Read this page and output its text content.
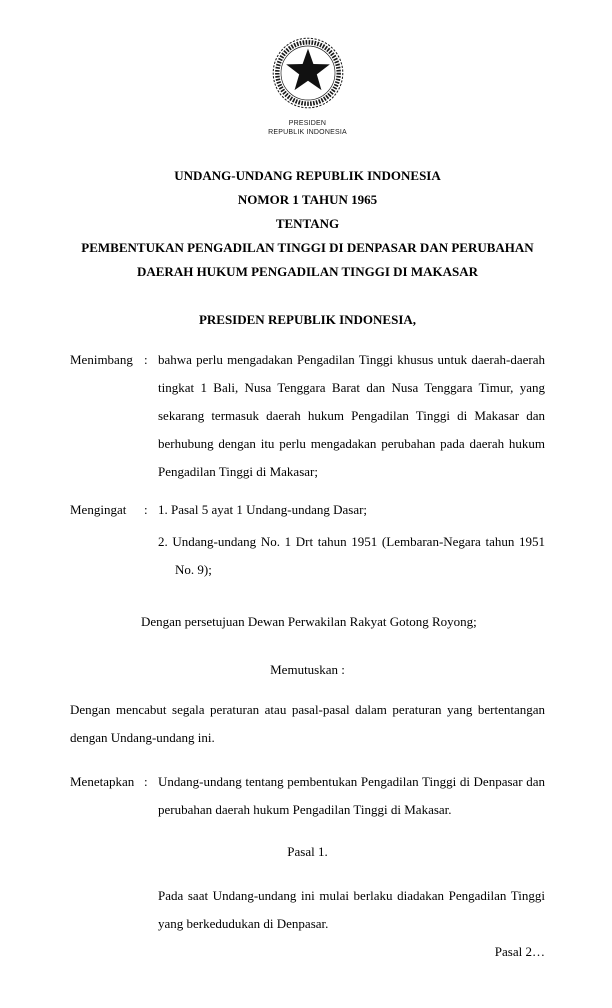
PRESIDEN
REPUBLIK INDONESIA
UNDANG-UNDANG REPUBLIK INDONESIA
NOMOR 1 TAHUN 1965
TENTANG
PEMBENTUKAN PENGADILAN TINGGI DI DENPASAR DAN PERUBAHAN DAERAH HUKUM PENGADILAN TINGGI DI MAKASAR
PRESIDEN REPUBLIK INDONESIA,
Menimbang : bahwa perlu mengadakan Pengadilan Tinggi khusus untuk daerah-daerah tingkat 1 Bali, Nusa Tenggara Barat dan Nusa Tenggara Timur, yang sekarang termasuk daerah hukum Pengadilan Tinggi di Makasar dan berhubung dengan itu perlu mengadakan perubahan pada daerah hukum Pengadilan Tinggi di Makasar;
Mengingat	: 1. Pasal 5 ayat 1 Undang-undang Dasar;
2. Undang-undang No. 1 Drt tahun 1951 (Lembaran-Negara tahun 1951 No. 9);
Dengan persetujuan Dewan Perwakilan Rakyat Gotong Royong;
Memutuskan :
Dengan mencabut segala peraturan atau pasal-pasal dalam peraturan yang bertentangan dengan Undang-undang ini.
Menetapkan : Undang-undang tentang pembentukan Pengadilan Tinggi di Denpasar dan perubahan daerah hukum Pengadilan Tinggi di Makasar.
Pasal 1.
Pada saat Undang-undang ini mulai berlaku diadakan Pengadilan Tinggi yang berkedudukan di Denpasar.
Pasal 2…
